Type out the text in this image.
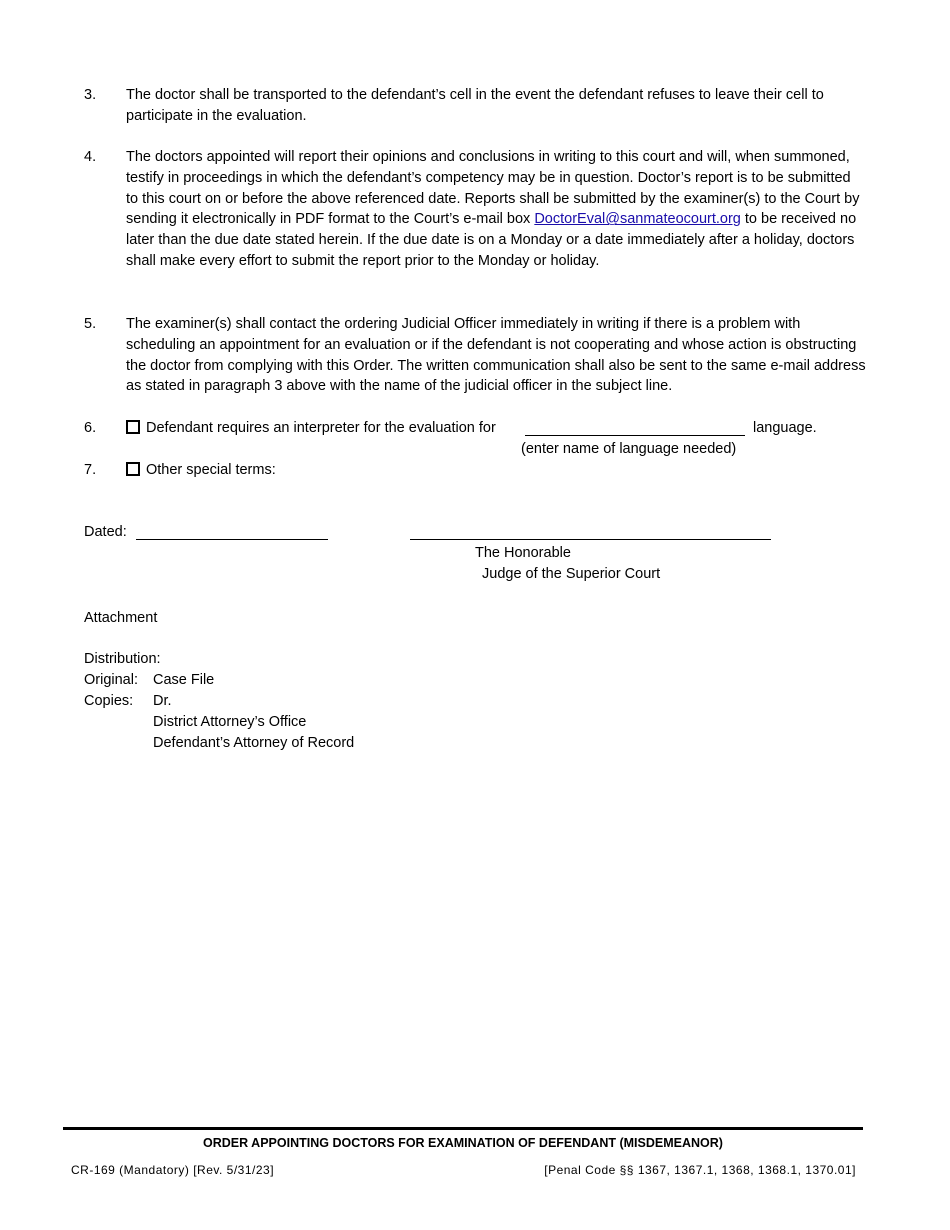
3. The doctor shall be transported to the defendant’s cell in the event the defendant refuses to leave their cell to participate in the evaluation.
4. The doctors appointed will report their opinions and conclusions in writing to this court and will, when summoned, testify in proceedings in which the defendant’s competency may be in question. Doctor’s report is to be submitted to this court on or before the above referenced date. Reports shall be submitted by the examiner(s) to the Court by sending it electronically in PDF format to the Court’s e-mail box DoctorEval@sanmateocourt.org to be received no later than the due date stated herein. If the due date is on a Monday or a date immediately after a holiday, doctors shall make every effort to submit the report prior to the Monday or holiday.
5. The examiner(s) shall contact the ordering Judicial Officer immediately in writing if there is a problem with scheduling an appointment for an evaluation or if the defendant is not cooperating and whose action is obstructing the doctor from complying with this Order. The written communication shall also be sent to the same e-mail address as stated in paragraph 3 above with the name of the judicial officer in the subject line.
6.	Defendant requires an interpreter for the evaluation for	language.
(enter name of language needed)
7.	Other special terms:
Dated:
The Honorable
Judge of the Superior Court
Attachment
Distribution:
Original: Case File
Copies: Dr.
District Attorney’s Office
Defendant’s Attorney of Record
ORDER APPOINTING DOCTORS FOR EXAMINATION OF DEFENDANT (MISDEMEANOR)
CR-169 (Mandatory) [Rev. 5/31/23]	[Penal Code §§ 1367, 1367.1, 1368, 1368.1, 1370.01]
